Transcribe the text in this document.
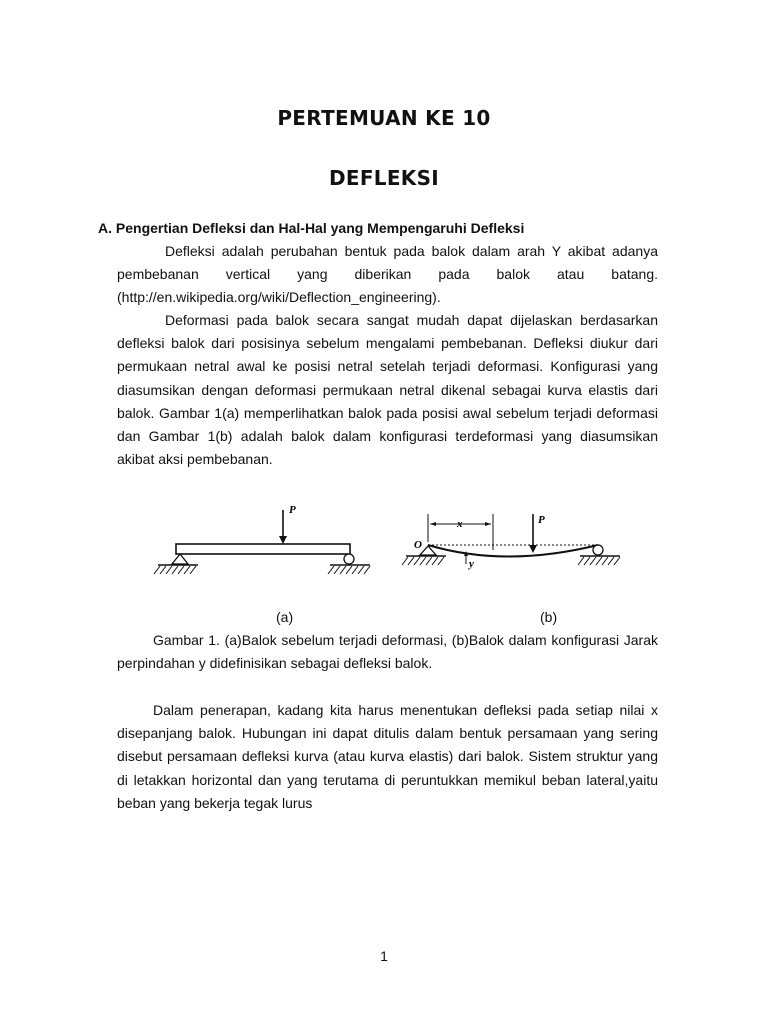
PERTEMUAN KE 10
DEFLEKSI

A. Pengertian Defleksi dan Hal-Hal yang Mempengaruhi Defleksi

Defleksi adalah perubahan bentuk pada balok dalam arah Y akibat adanya
pembebanan vertical yang diberikan pada balok atau batang.
(http://en.wikipedia.org/wiki/Deflection_engineering).

Deformasi pada balok secara sangat mudah dapat dijelaskan berdasarkan defleksi balok dari posisinya sebelum mengalami pembebanan. Defleksi diukur dari permukaan netral awal ke posisi netral setelah terjadi deformasi. Konfigurasi yang diasumsikan dengan deformasi permukaan netral dikenal sebagai kurva elastis dari balok. Gambar 1(a) memperlihatkan balok pada posisi awal sebelum terjadi deformasi dan Gambar 1(b) adalah balok dalam konfigurasi terdeformasi yang diasumsikan akibat aksi pembebanan.

P
x	P
O
y
(a)	(b)

Gambar 1. (a)Balok sebelum terjadi deformasi, (b)Balok dalam konfigurasi Jarak perpindahan y didefinisikan sebagai defleksi balok.

Dalam penerapan, kadang kita harus menentukan defleksi pada setiap nilai x disepanjang balok. Hubungan ini dapat ditulis dalam bentuk persamaan yang sering disebut persamaan defleksi kurva (atau kurva elastis) dari balok. Sistem struktur yang di letakkan horizontal dan yang terutama di peruntukkan memikul beban lateral,yaitu beban yang bekerja tegak lurus

1
